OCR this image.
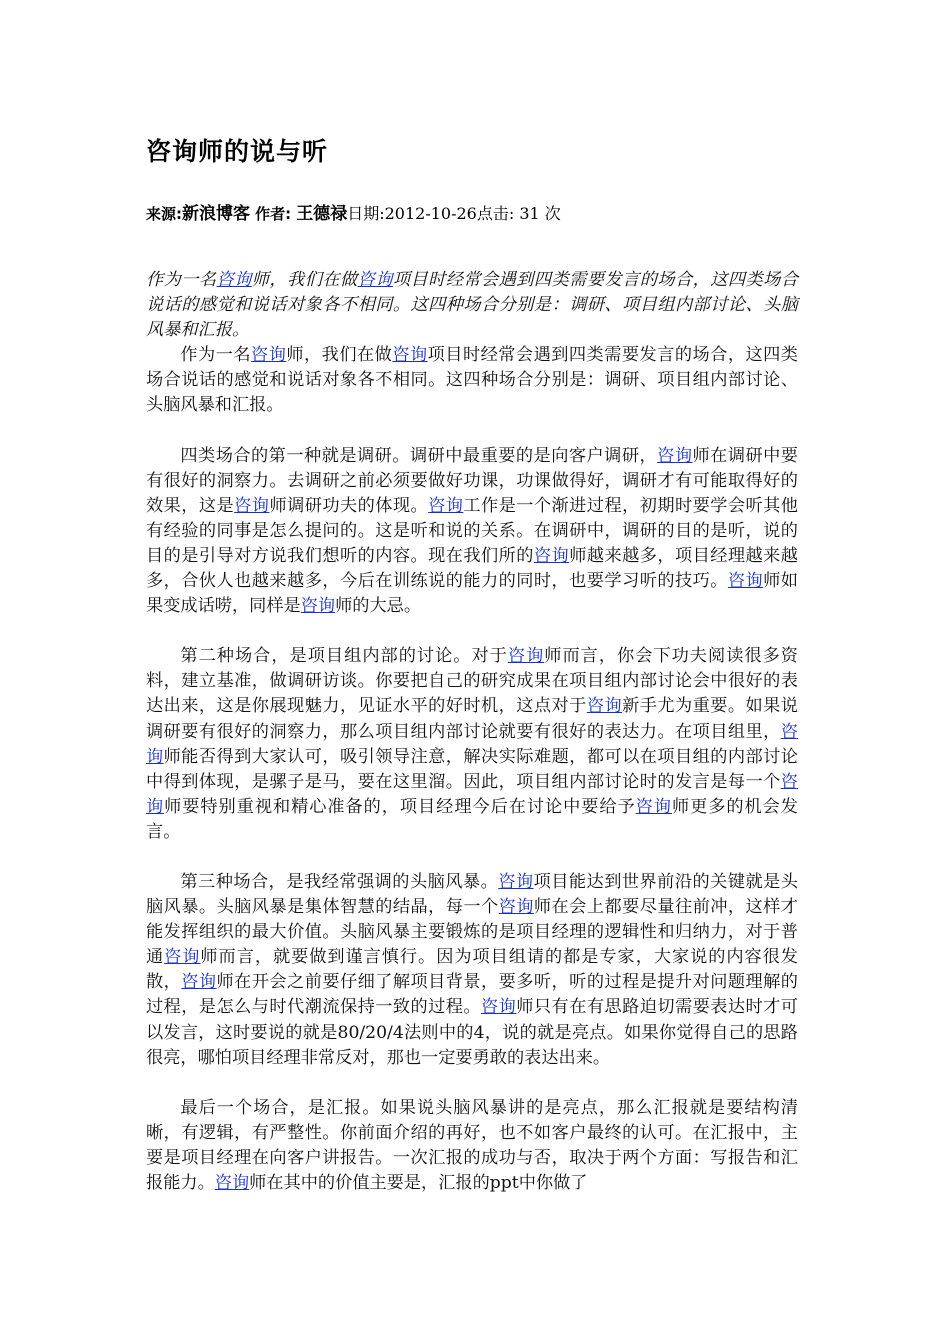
咨询师的说与听
来源:新浪博客 作者: 王德禄日期:2012-10-26点击: 31 次

作为一名咨询师，我们在做咨询项目时经常会遇到四类需要发言的场合，这四类场合说话的感觉和说话对象各不相同。这四种场合分别是：调研、项目组内部讨论、头脑风暴和汇报。

作为一名咨询师，我们在做咨询项目时经常会遇到四类需要发言的场合，这四类场合说话的感觉和说话对象各不相同。这四种场合分别是：调研、项目组内部讨论、头脑风暴和汇报。

四类场合的第一种就是调研。调研中最重要的是向客户调研，咨询师在调研中要有很好的洞察力。去调研之前必须要做好功课，功课做得好，调研才有可能取得好的效果，这是咨询师调研功夫的体现。咨询工作是一个渐进过程，初期时要学会听其他有经验的同事是怎么提问的。这是听和说的关系。在调研中，调研的目的是听，说的目的是引导对方说我们想听的内容。现在我们所的咨询师越来越多，项目经理越来越多，合伙人也越来越多，今后在训练说的能力的同时，也要学习听的技巧。咨询师如果变成话唠，同样是咨询师的大忌。

第二种场合，是项目组内部的讨论。对于咨询师而言，你会下功夫阅读很多资料，建立基准，做调研访谈。你要把自己的研究成果在项目组内部讨论会中很好的表达出来，这是你展现魅力，见证水平的好时机，这点对于咨询新手尤为重要。如果说调研要有很好的洞察力，那么项目组内部讨论就要有很好的表达力。在项目组里，咨询师能否得到大家认可，吸引领导注意，解决实际难题，都可以在项目组的内部讨论中得到体现，是骡子是马，要在这里溜。因此，项目组内部讨论时的发言是每一个咨询师要特别重视和精心准备的，项目经理今后在讨论中要给予咨询师更多的机会发言。

第三种场合，是我经常强调的头脑风暴。咨询项目能达到世界前沿的关键就是头脑风暴。头脑风暴是集体智慧的结晶，每一个咨询师在会上都要尽量往前冲，这样才能发挥组织的最大价值。头脑风暴主要锻炼的是项目经理的逻辑性和归纳力，对于普通咨询师而言，就要做到谨言慎行。因为项目组请的都是专家，大家说的内容很发散，咨询师在开会之前要仔细了解项目背景，要多听，听的过程是提升对问题理解的过程，是怎么与时代潮流保持一致的过程。咨询师只有在有思路迫切需要表达时才可以发言，这时要说的就是80/20/4法则中的4，说的就是亮点。如果你觉得自己的思路很亮，哪怕项目经理非常反对，那也一定要勇敢的表达出来。

最后一个场合，是汇报。如果说头脑风暴讲的是亮点，那么汇报就是要结构清晰，有逻辑，有严整性。你前面介绍的再好，也不如客户最终的认可。在汇报中，主要是项目经理在向客户讲报告。一次汇报的成功与否，取决于两个方面：写报告和汇报能力。咨询师在其中的价值主要是，汇报的ppt中你做了
